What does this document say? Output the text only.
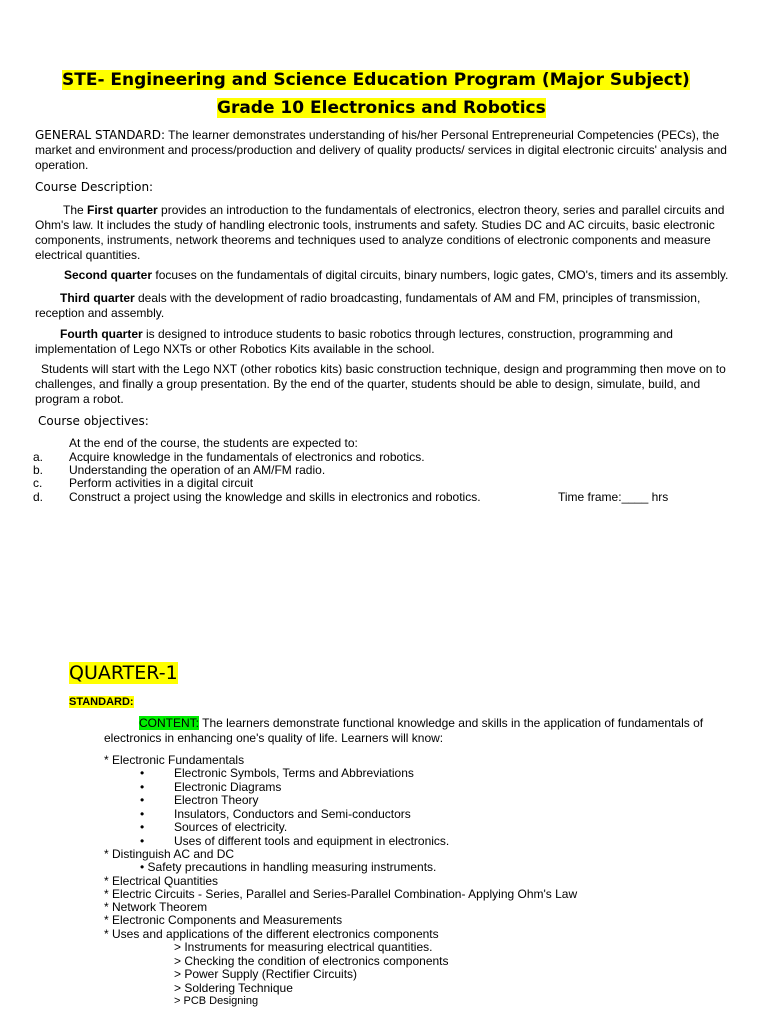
STE- Engineering and Science Education Program (Major Subject)
Grade 10 Electronics and Robotics
GENERAL STANDARD: The learner demonstrates understanding of his/her Personal Entrepreneurial Competencies (PECs), the market and environment and process/production and delivery of quality products/ services in digital electronic circuits' analysis and operation.
Course Description:
The First quarter provides an introduction to the fundamentals of electronics, electron theory, series and parallel circuits and Ohm's law. It includes the study of handling electronic tools, instruments and safety. Studies DC and AC circuits, basic electronic components, instruments, network theorems and techniques used to analyze conditions of electronic components and measure electrical quantities.
Second quarter focuses on the fundamentals of digital circuits, binary numbers, logic gates, CMO's, timers and its assembly.
Third quarter deals with the development of radio broadcasting, fundamentals of AM and FM, principles of transmission, reception and assembly.
Fourth quarter is designed to introduce students to basic robotics through lectures, construction, programming and implementation of Lego NXTs or other Robotics Kits available in the school.
Students will start with the Lego NXT (other robotics kits) basic construction technique, design and programming then move on to challenges, and finally a group presentation. By the end of the quarter, students should be able to design, simulate, build, and program a robot.
Course objectives:
At the end of the course, the students are expected to:
a. Acquire knowledge in the fundamentals of electronics and robotics.
b. Understanding the operation of an AM/FM radio.
c. Perform activities in a digital circuit
d. Construct a project using the knowledge and skills in electronics and robotics.	Time frame:____ hrs
QUARTER-1
STANDARD:
CONTENT: The learners demonstrate functional knowledge and skills in the application of fundamentals of
electronics in enhancing one's quality of life. Learners will know:
* Electronic Fundamentals
• Electronic Symbols, Terms and Abbreviations
• Electronic Diagrams
• Electron Theory
• Insulators, Conductors and Semi-conductors
• Sources of electricity.
• Uses of different tools and equipment in electronics.
* Distinguish AC and DC
• Safety precautions in handling measuring instruments.
* Electrical Quantities
* Electric Circuits - Series, Parallel and Series-Parallel Combination- Applying Ohm's Law
* Network Theorem
* Electronic Components and Measurements
* Uses and applications of the different electronics components
> Instruments for measuring electrical quantities.
> Checking the condition of electronics components
> Power Supply (Rectifier Circuits)
> Soldering Technique
> PCB Designing
